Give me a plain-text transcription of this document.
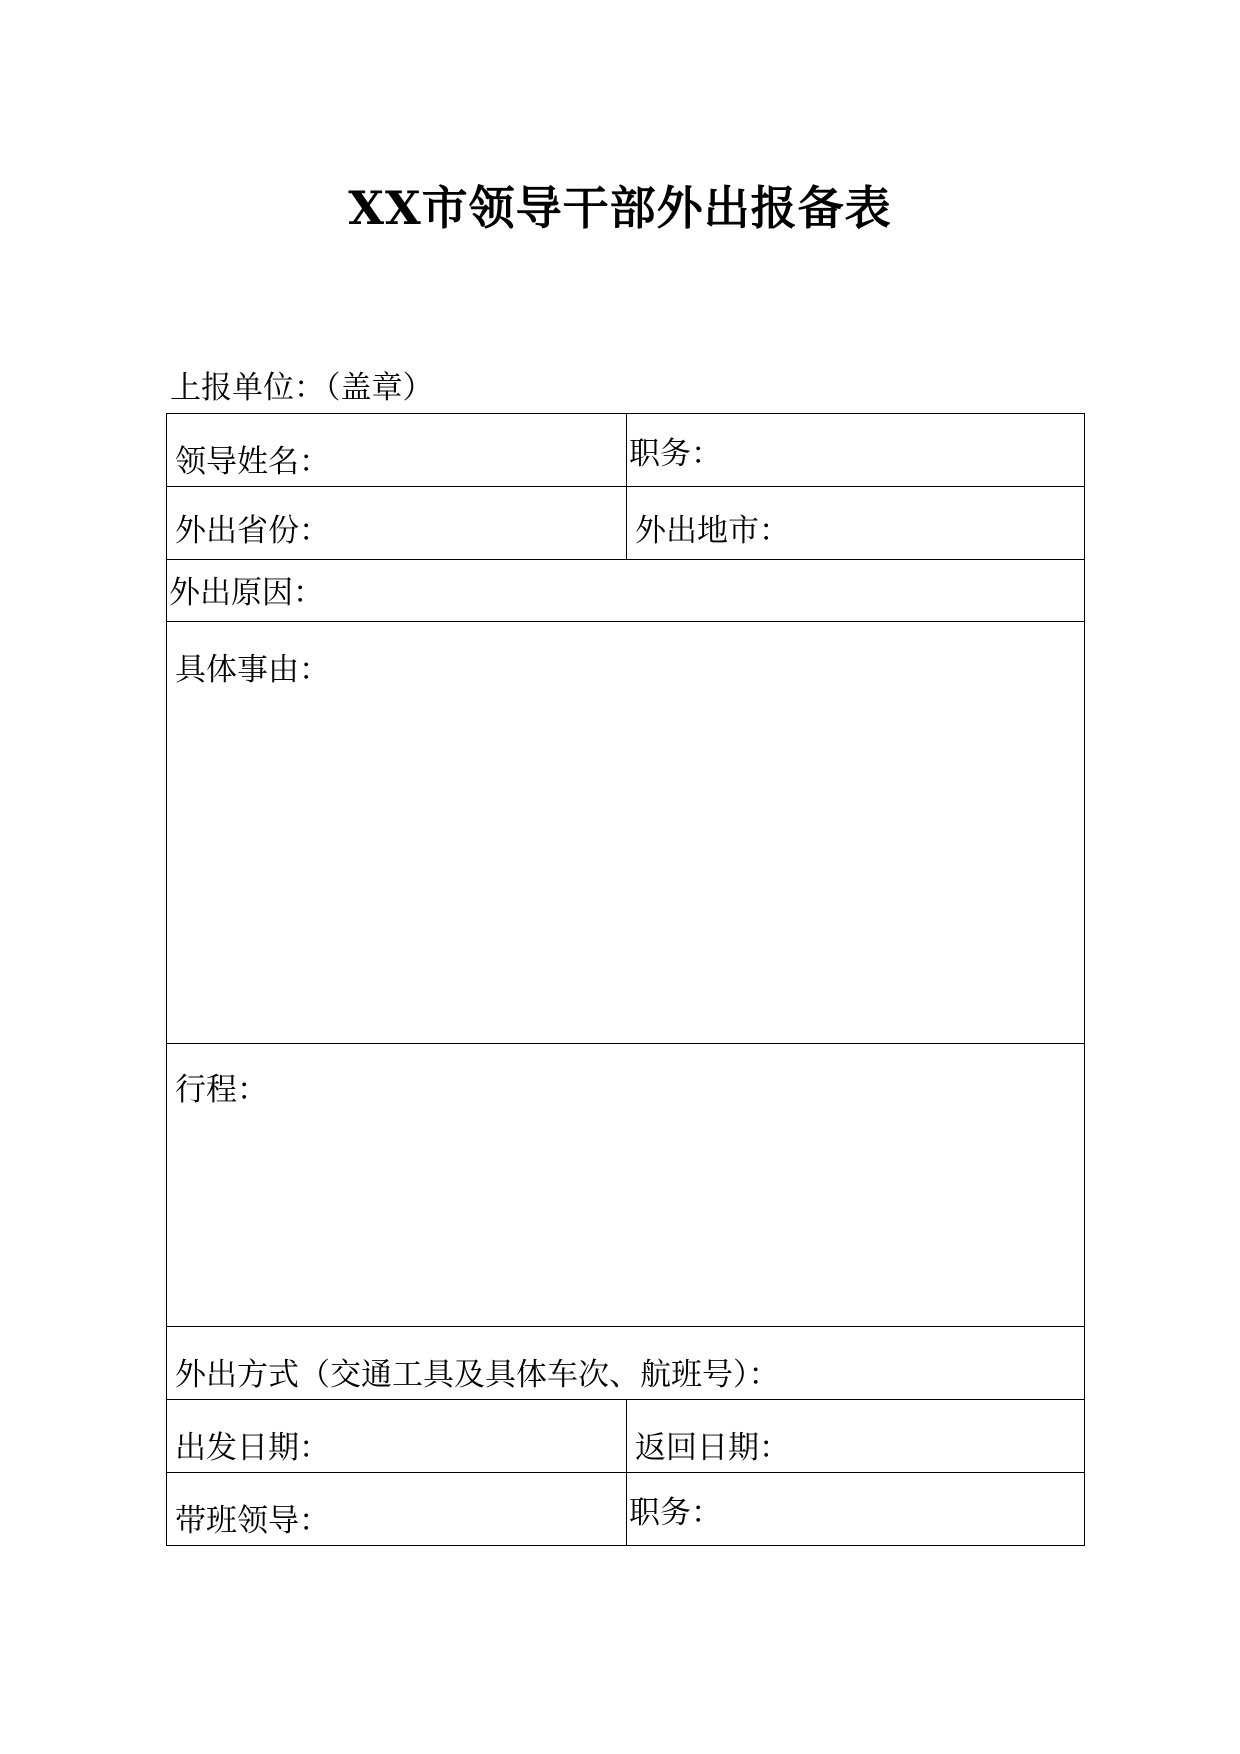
XX市领导干部外出报备表
上报单位：（盖章）
领导姓名：	职务：

外出省份：	外出地市：

外出原因：	

具体事由：	

行程：	

外出方式（交通工具及具体车次、航班号）：	

出发日期：	返回日期：

带班领导：	职务：
